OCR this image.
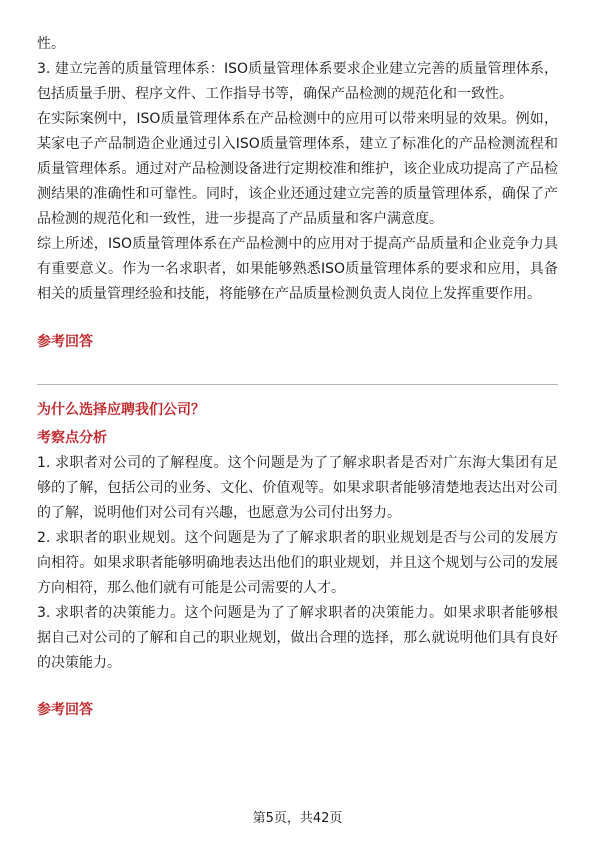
性。

3. 建立完善的质量管理体系：ISO质量管理体系要求企业建立完善的质量管理体系，包括质量手册、程序文件、工作指导书等，确保产品检测的规范化和一致性。

在实际案例中，ISO质量管理体系在产品检测中的应用可以带来明显的效果。例如，某家电子产品制造企业通过引入ISO质量管理体系，建立了标准化的产品检测流程和质量管理体系。通过对产品检测设备进行定期校准和维护，该企业成功提高了产品检测结果的准确性和可靠性。同时，该企业还通过建立完善的质量管理体系，确保了产品检测的规范化和一致性，进一步提高了产品质量和客户满意度。

综上所述，ISO质量管理体系在产品检测中的应用对于提高产品质量和企业竞争力具有重要意义。作为一名求职者，如果能够熟悉ISO质量管理体系的要求和应用，具备相关的质量管理经验和技能，将能够在产品质量检测负责人岗位上发挥重要作用。

参考回答
为什么选择应聘我们公司？
考察点分析

1. 求职者对公司的了解程度。这个问题是为了了解求职者是否对广东海大集团有足够的了解，包括公司的业务、文化、价值观等。如果求职者能够清楚地表达出对公司的了解，说明他们对公司有兴趣，也愿意为公司付出努力。

2. 求职者的职业规划。这个问题是为了了解求职者的职业规划是否与公司的发展方向相符。如果求职者能够明确地表达出他们的职业规划，并且这个规划与公司的发展方向相符，那么他们就有可能是公司需要的人才。

3. 求职者的决策能力。这个问题是为了了解求职者的决策能力。如果求职者能够根据自己对公司的了解和自己的职业规划，做出合理的选择，那么就说明他们具有良好的决策能力。

参考回答
第5页，共42页
